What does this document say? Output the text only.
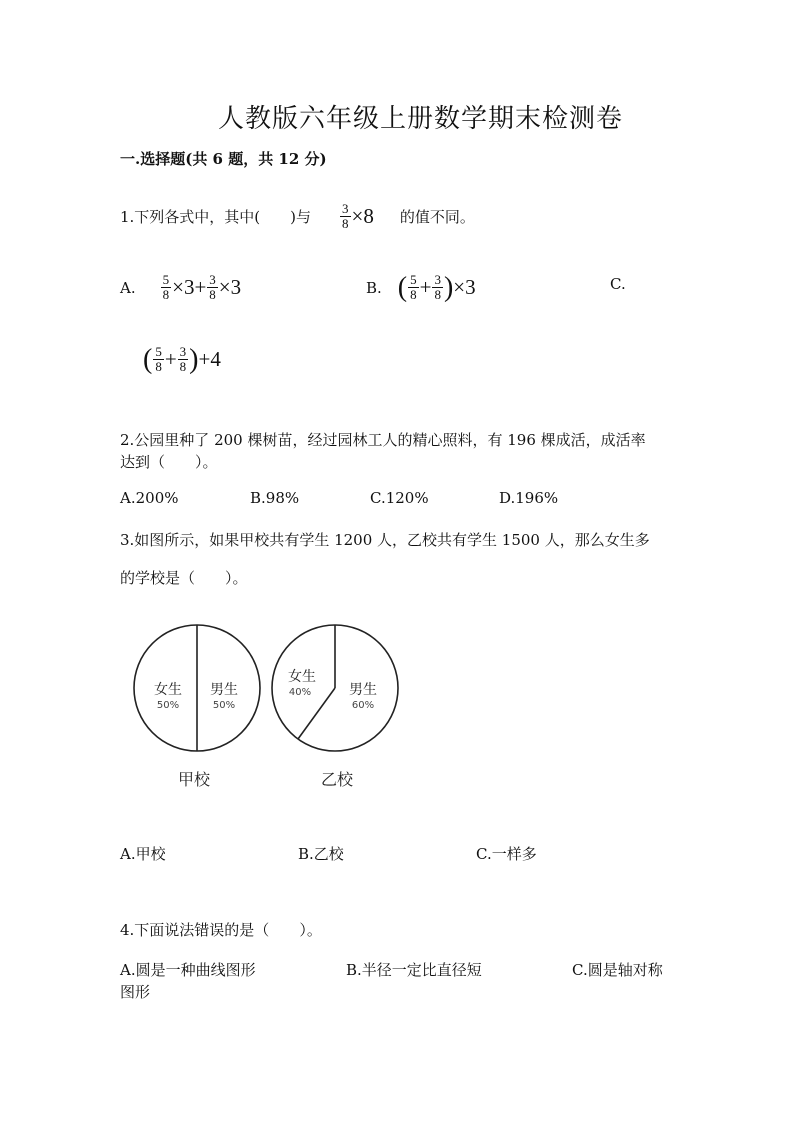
人教版六年级上册数学期末检测卷
一.选择题(共 6 题，共 12 分)
1.下列各式中，其中(　　)与 $\frac{3}{8} \times 8$ 的值不同。
A. $\frac{5}{8} \times 3+ \frac{3}{8} \times 3$	B. ( $\frac{5}{8} + \frac{3}{8}$ ) ×3	C.
( $\frac{5}{8} + \frac{3}{8}$ ) +4
2.公园里种了 200 棵树苗，经过园林工人的精心照料，有 196 棵成活，成活率
达到（　　）。
A.200%	B.98%	C.120%	D.196%
3.如图所示，如果甲校共有学生 1200 人，乙校共有学生 1500 人，那么女生多
的学校是（　　）。
女生
50%
男生
50%
甲校
女生
40%	男生
60%
乙校
A.甲校	B.乙校	C.一样多
4.下面说法错误的是（　　）。
A.圆是一种曲线图形	B.半径一定比直径短	C.圆是轴对称
图形
